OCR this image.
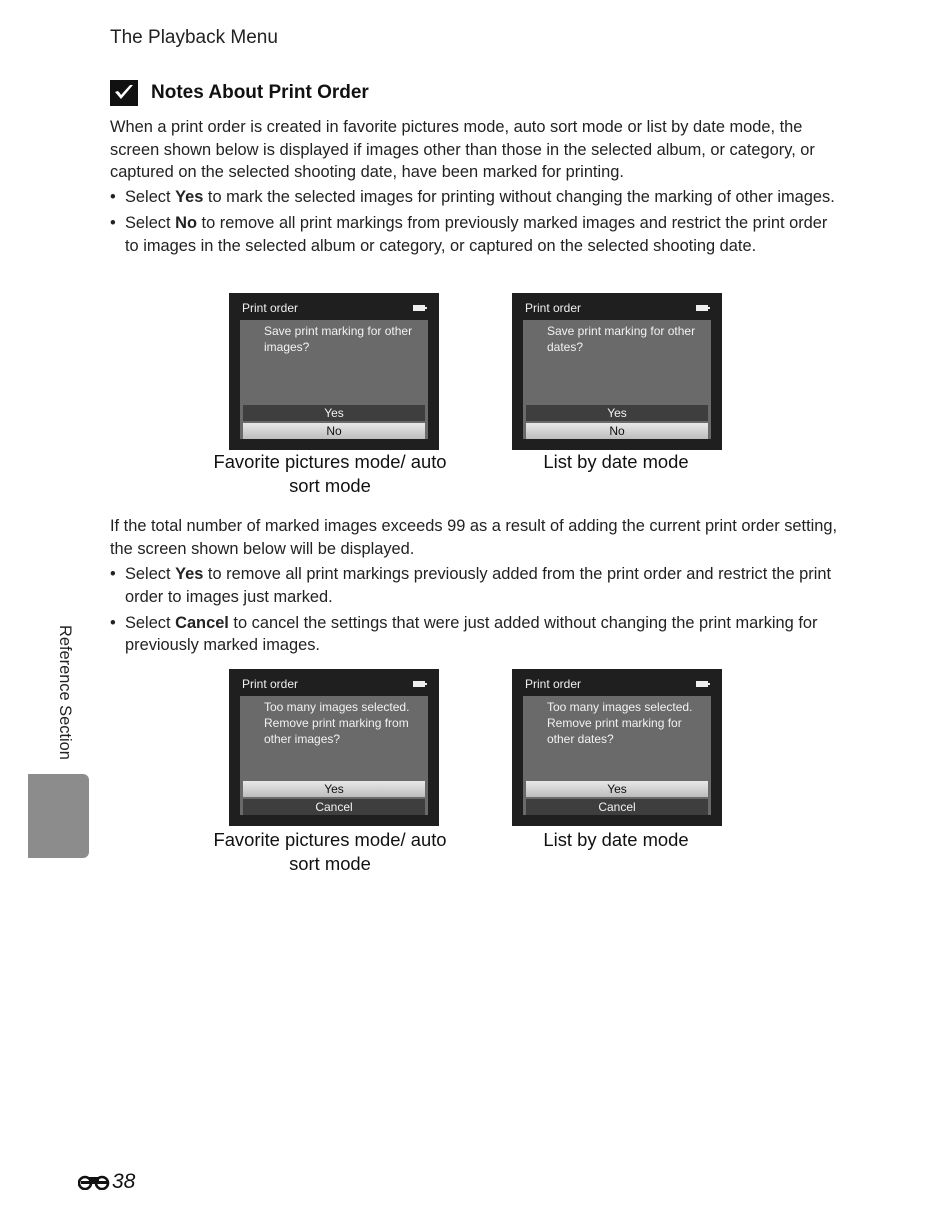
The Playback Menu
Notes About Print Order

When a print order is created in favorite pictures mode, auto sort mode or list by date mode, the screen shown below is displayed if images other than those in the selected album, or category, or captured on the selected shooting date, have been marked for printing.

• Select Yes to mark the selected images for printing without changing the marking of other images.
• Select No to remove all print markings from previously marked images and restrict the print order to images in the selected album or category, or captured on the selected shooting date.
Print order
Save print marking for other images?
Yes
No
Favorite pictures mode/ auto sort mode
Print order
Save print marking for other dates?
Yes
No
List by date mode

If the total number of marked images exceeds 99 as a result of adding the current print order setting, the screen shown below will be displayed.

• Select Yes to remove all print markings previously added from the print order and restrict the print order to images just marked.
• Select Cancel to cancel the settings that were just added without changing the print marking for previously marked images.
Print order
Too many images selected. Remove print marking from other images?
Yes
Cancel
Favorite pictures mode/ auto sort mode
Print order
Too many images selected. Remove print marking for other dates?
Yes
Cancel
List by date mode
Reference Section
38
